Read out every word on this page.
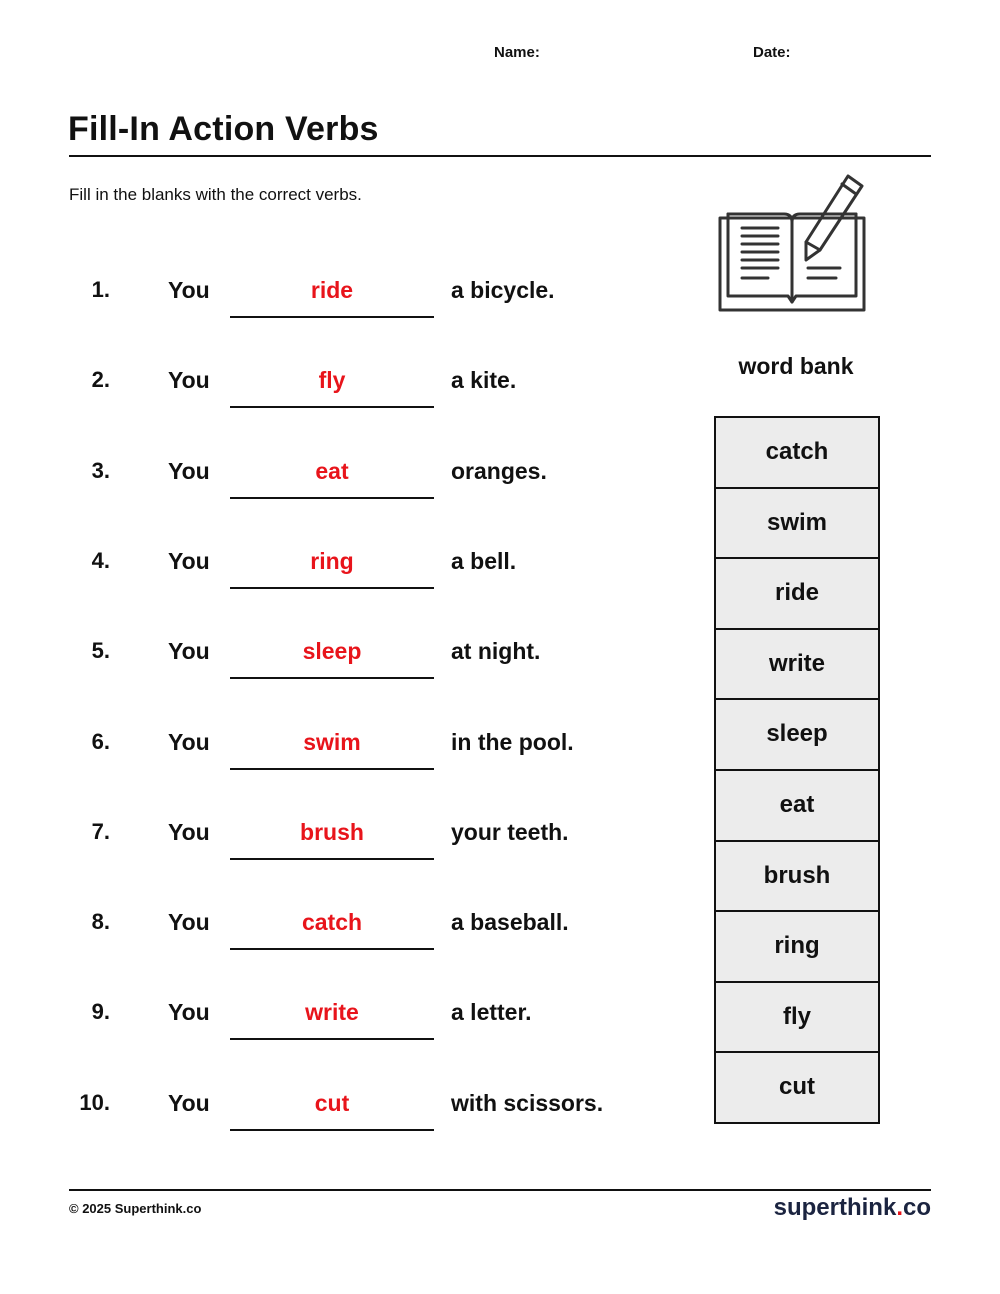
Name:	Date:
Fill-In Action Verbs
Fill in the blanks with the correct verbs.
1.	You	ride	a bicycle.
2.	You	fly	a kite.
3.	You	eat	oranges.
4.	You	ring	a bell.
5.	You	sleep	at night.
6.	You	swim	in the pool.
7.	You	brush	your teeth.
8.	You	catch	a baseball.
9.	You	write	a letter.
10.	You	cut	with scissors.
word bank
catch
swim
ride
write
sleep
eat
brush
ring
fly
cut
© 2025 Superthink.co	superthink.co
